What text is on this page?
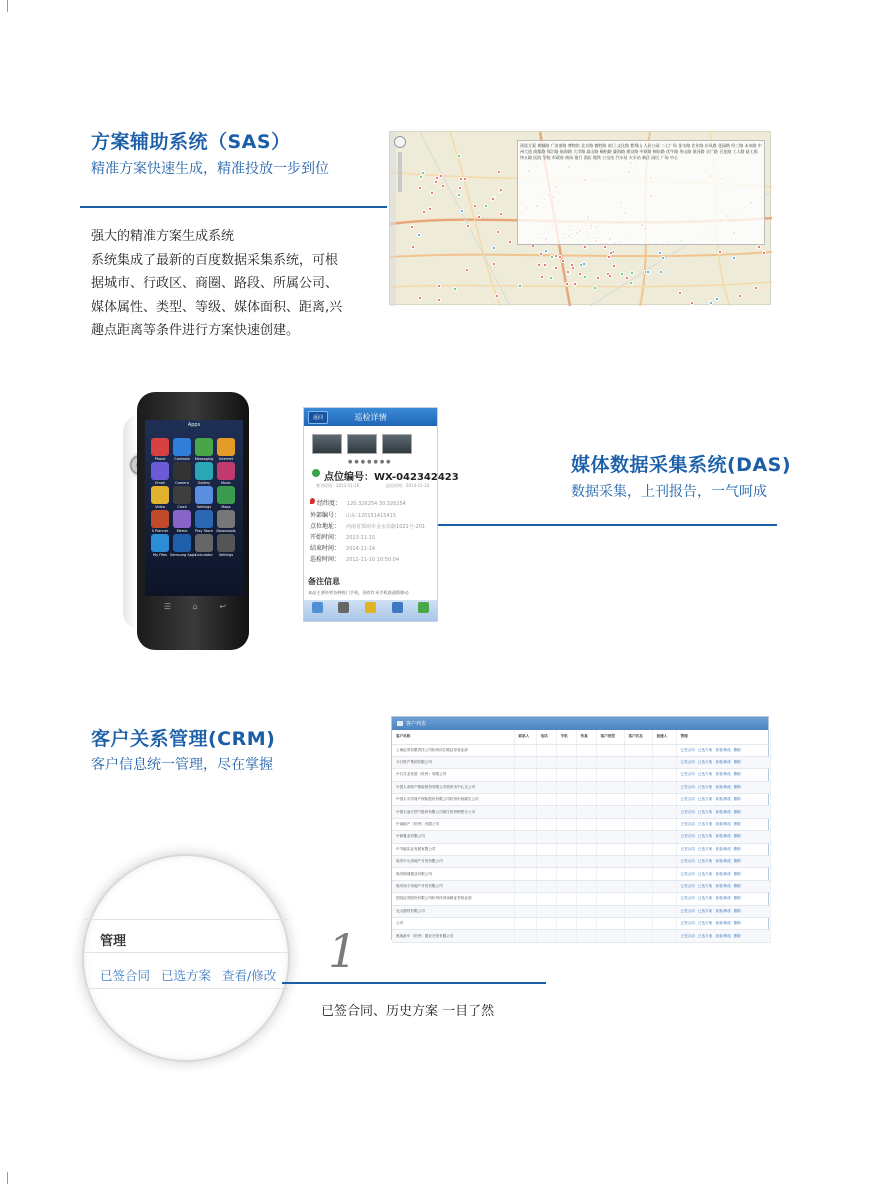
方案辅助系统（SAS）
精准方案快速生成，精准投放一步到位
强大的精准方案生成系统
系统集成了最新的百度数据采集系统，可根
据城市、行政区、商圈、路段、所属公司、
媒体属性、类型、等级、媒体面积、距离,兴
趣点距离等条件进行方案快速创建。
预选方案 黄城路 广济南路 博物馆 北京路 德胜路 南门 文化路 紫荆山 人民公园 二七广场 金水路 农业路 东风路 花园路 经三路 未来路 中州大道 商都路 郑汴路 航海路 大学路 嵩山路 桐柏路 陇海路 建设路 中原路 棉纺路 伏牛路 华山路 淮河路 京广路 百花路 工人路 政七街 纬五路 医院 学校 市政府 商场 银行 酒店 地铁 公交站 汽车站 火车站 新区 园区 广场 中心
Apps
Phone	Contacts	Messaging	Internet
Email	Camera	Gallery	Music
Video	Clock	Settings	Maps
S Planner	Memo	Play Store	Downloads
My Files Samsung Apps Calculator	Settings
☰	⌂	↩
返回	巡检详情
●●●●●●●
点位编号：WX-042342423
签刊时间：2013-11-16	巡检时间：2014-11-14
经纬度： 120.326254 30.326254
外部编号： 山东-120151415415
点位地址： 河南省郑州市金水东路1021号-201
开始时间： 2013-11-15
结束时间： 2014-11-14
巡检时间： 2012-11-10 10:50:04
备注信息
本品主要经营各种热门手机，现有红米手机联通版移动
媒体数据采集系统(DAS)
数据采集，上刊报告，一气呵成
客户关系管理(CRM)
客户信息统一管理，尽在掌握
客户列表
客户名称	联系人	电话	手机	传真	客户类型	客户状态	创建人	管理
上海证券有限责任公司杭州庆江路证券营业部								已签合同 已选方案 查看/修改 删除
今日资产集团有限公司								已签合同 已选方案 查看/修改 删除
中石实业发展（杭州）有限公司								已签合同 已选方案 查看/修改 删除
中国人寿财产保险股份有限公司杭州市中心支公司								已签合同 已选方案 查看/修改 删除
中国太平洋财产保险股份有限公司杭州市西湖支公司								已签合同 已选方案 查看/修改 删除
中国石油天然气股份有限公司浙江杭州销售分公司								已签合同 已选方案 查看/修改 删除
中南地产（杭州）有限公司								已签合同 已选方案 查看/修改 删除
中润置业有限公司								已签合同 已选方案 查看/修改 删除
中节能实业发展有限公司								已签合同 已选方案 查看/修改 删除
临安中元房地产开发有限公司								已签合同 已选方案 查看/修改 删除
临安锦城置业有限公司								已签合同 已选方案 查看/修改 删除
临安西子房地产开发有限公司								已签合同 已选方案 查看/修改 删除
国信证券股份有限公司杭州体育场路证券营业部								已签合同 已选方案 查看/修改 删除
光大期货有限公司								已签合同 已选方案 查看/修改 删除
公司								已签合同 已选方案 查看/修改 删除
奥迪新车（杭州）置业开发有限公司								已签合同 已选方案 查看/修改 删除
管理
已签合同 已选方案 查看/修改 1
已签合同、历史方案 一目了然
